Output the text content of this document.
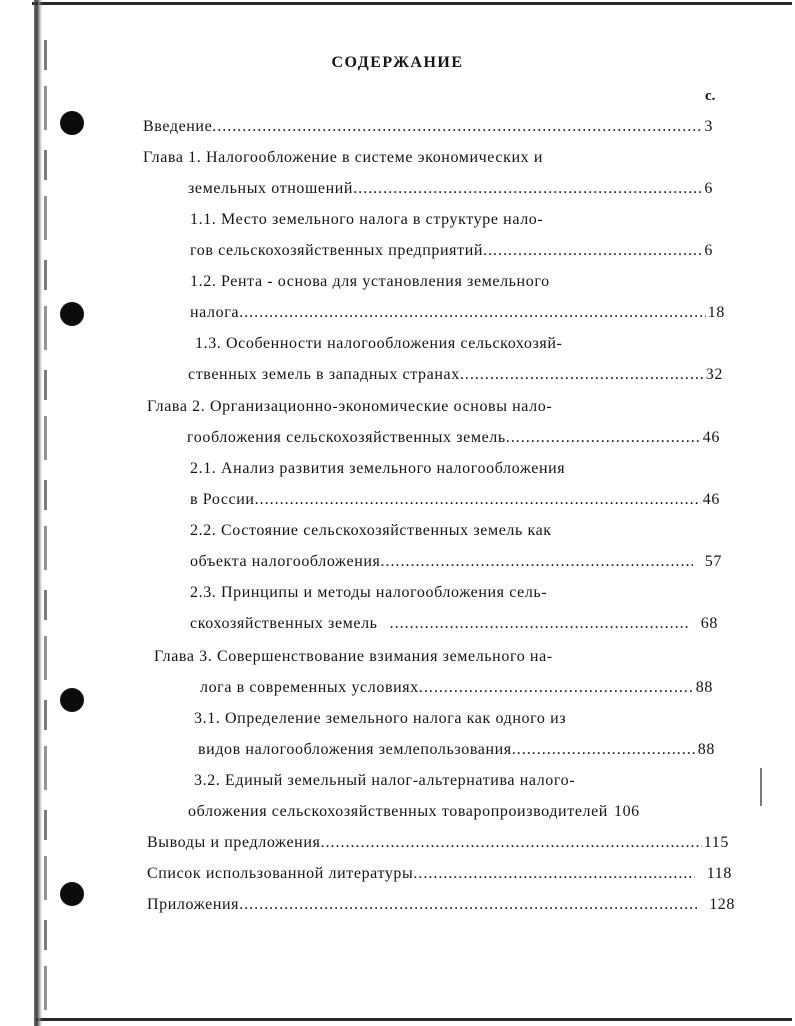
СОДЕРЖАНИЕ
с.
Введение .....	3
Глава 1. Налогообложение в системе экономических и
земельных отношений .....	6
1.1. Место земельного налога в структуре нало-
гов сельскохозяйственных предприятий .....	6
1.2. Рента - основа для установления земельного
налога .....	18
1.3. Особенности налогообложения сельскохозяй-
ственных земель в западных странах .....	32
Глава 2. Организационно-экономические основы нало-
гообложения сельскохозяйственных земель .....	46
2.1. Анализ развития земельного налогообложения
в России .....	46
2.2. Состояние сельскохозяйственных земель как
объекта налогообложения .....	57
2.3. Принципы и методы налогообложения сель-
скохозяйственных земель .....	68
Глава 3. Совершенствование взимания земельного на-
лога в современных условиях .....	88
3.1. Определение земельного налога как одного из
видов налогообложения землепользования .....	88
3.2. Единый земельный налог-альтернатива налого-
обложения сельскохозяйственных товаропроизводителей 106
Выводы и предложения .....	115
Список использованной литературы .....	118
Приложения .....	128
